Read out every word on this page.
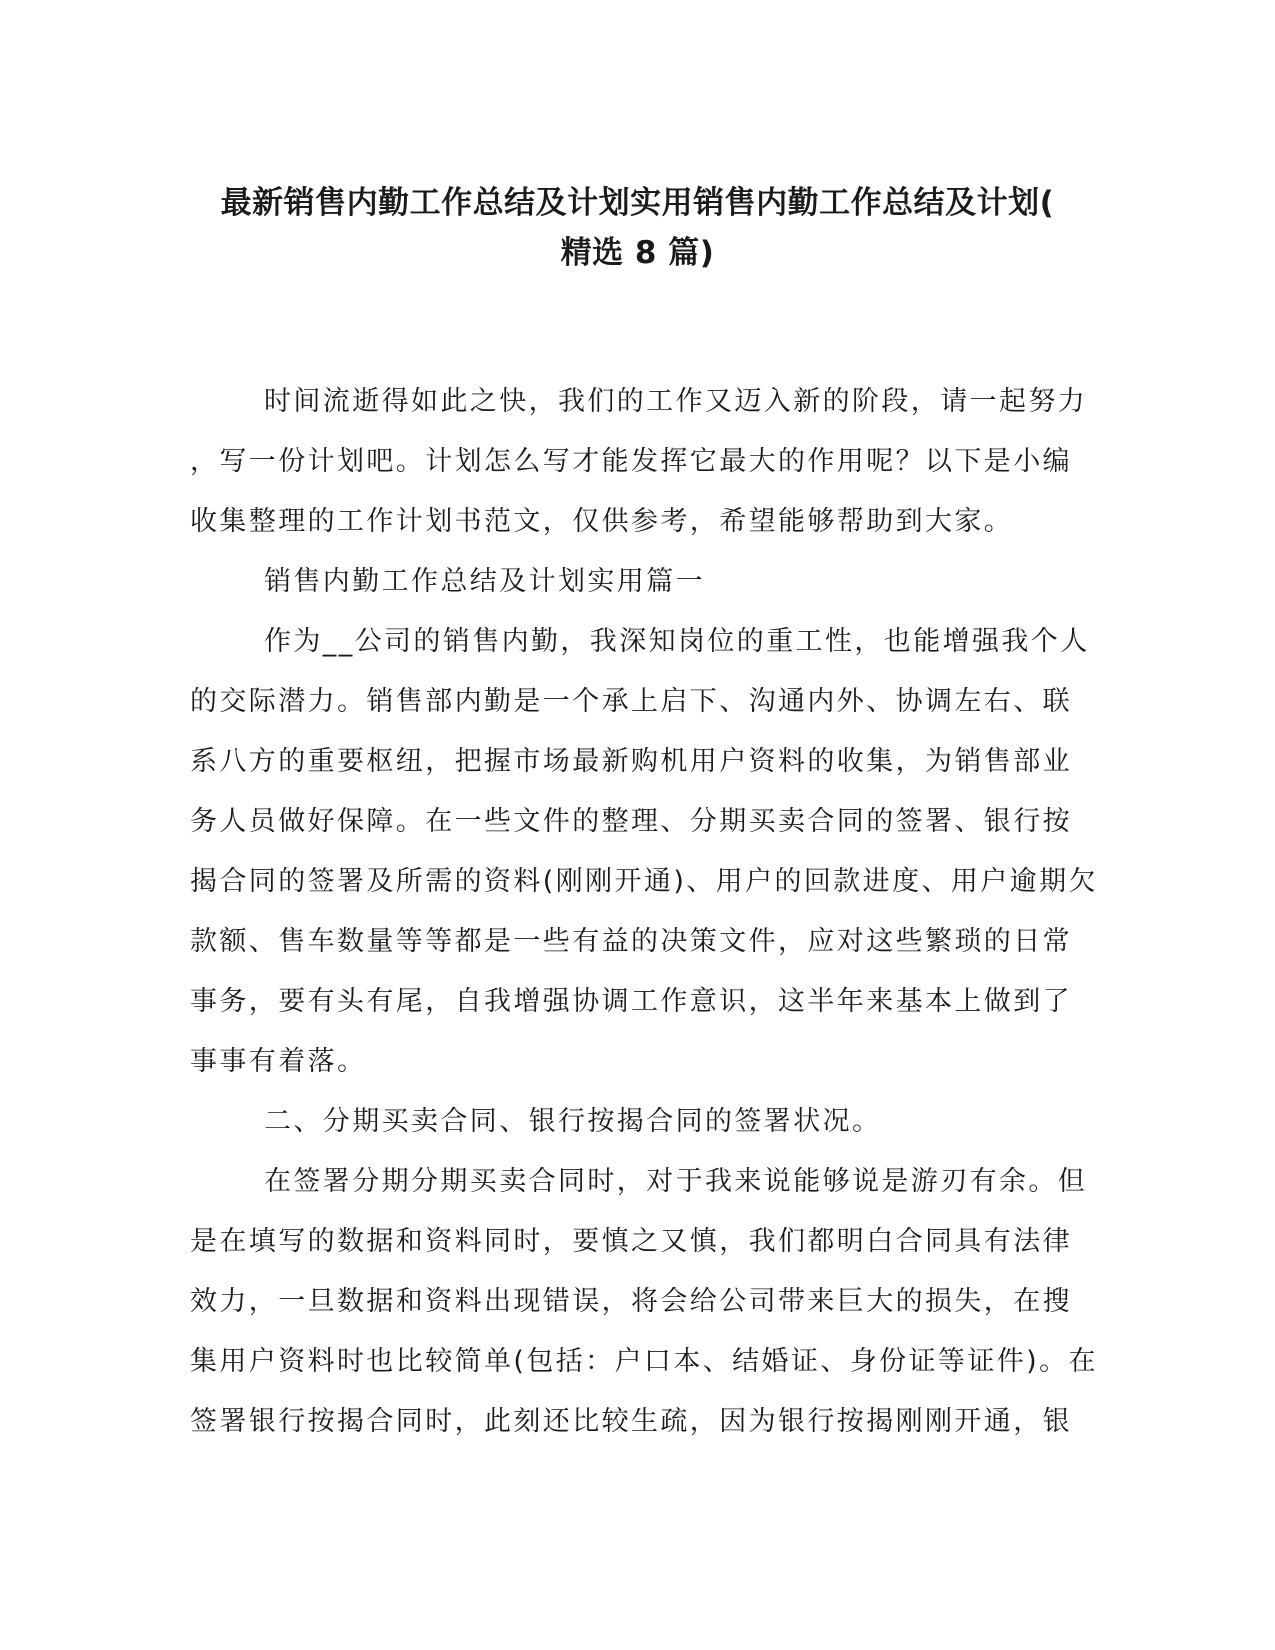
最新销售内勤工作总结及计划实用销售内勤工作总结及计划(
精选 8 篇)
时间流逝得如此之快，我们的工作又迈入新的阶段，请一起努力
，写一份计划吧。计划怎么写才能发挥它最大的作用呢？以下是小编
收集整理的工作计划书范文，仅供参考，希望能够帮助到大家。
销售内勤工作总结及计划实用篇一
作为__公司的销售内勤，我深知岗位的重工性，也能增强我个人
的交际潜力。销售部内勤是一个承上启下、沟通内外、协调左右、联
系八方的重要枢纽，把握市场最新购机用户资料的收集，为销售部业
务人员做好保障。在一些文件的整理、分期买卖合同的签署、银行按
揭合同的签署及所需的资料(刚刚开通)、用户的回款进度、用户逾期欠
款额、售车数量等等都是一些有益的决策文件，应对这些繁琐的日常
事务，要有头有尾，自我增强协调工作意识，这半年来基本上做到了
事事有着落。
二、分期买卖合同、银行按揭合同的签署状况。
在签署分期分期买卖合同时，对于我来说能够说是游刃有余。但
是在填写的数据和资料同时，要慎之又慎，我们都明白合同具有法律
效力，一旦数据和资料出现错误，将会给公司带来巨大的损失，在搜
集用户资料时也比较简单(包括：户口本、结婚证、身份证等证件)。在
签署银行按揭合同时，此刻还比较生疏，因为银行按揭刚刚开通，银
